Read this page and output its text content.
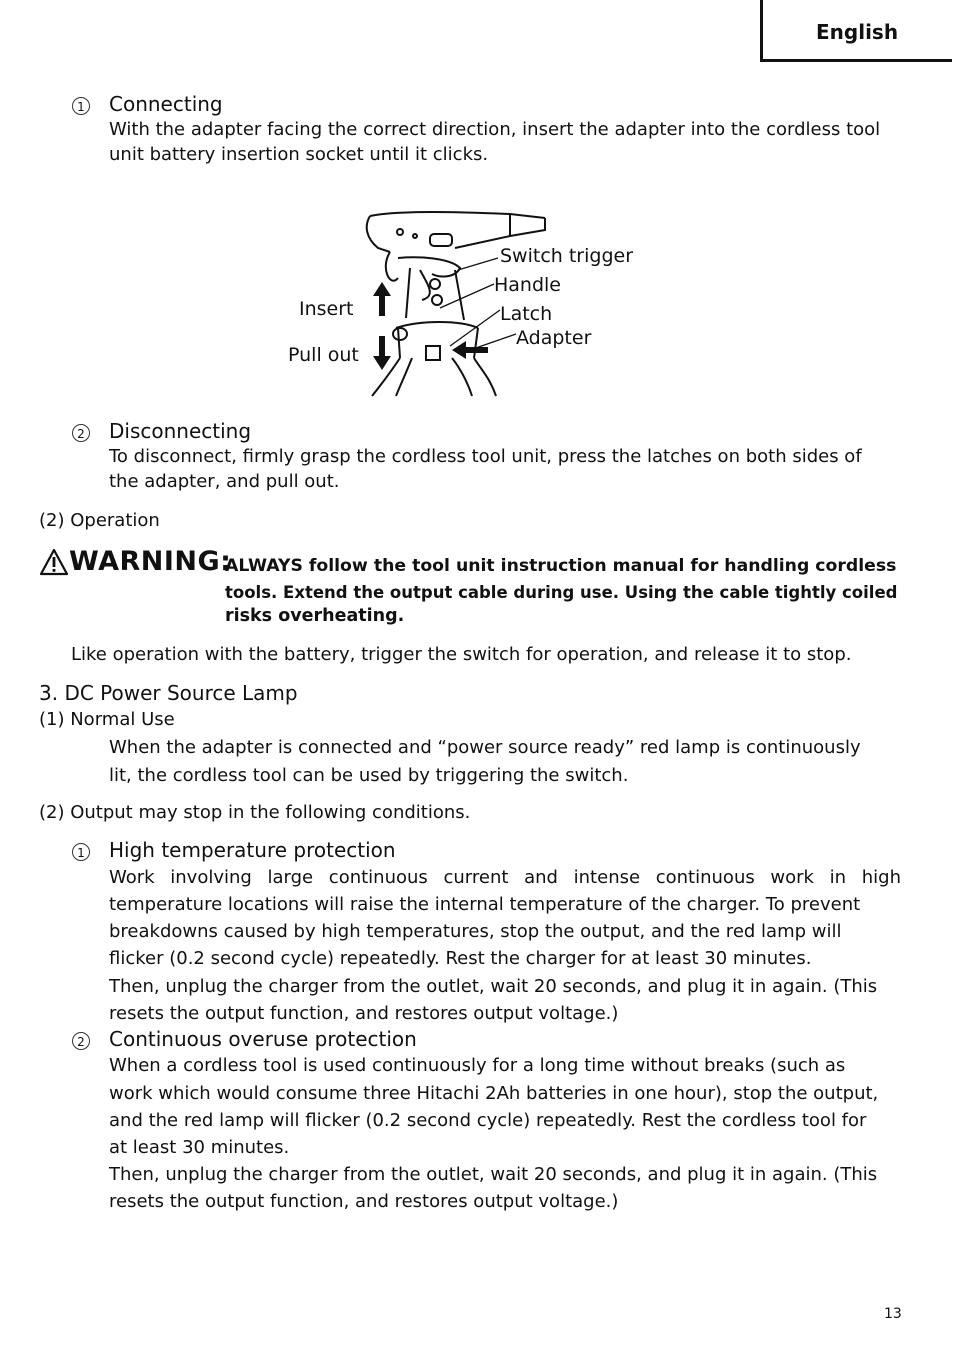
English
1 Connecting
With the adapter facing the correct direction, insert the adapter into the cordless tool
unit battery insertion socket until it clicks.
Switch trigger
Handle
Insert	Latch
Adapter
Pull out
2 Disconnecting
To disconnect, firmly grasp the cordless tool unit, press the latches on both sides of
the adapter, and pull out.
(2) Operation
WARNING:
ALWAYS follow the tool unit instruction manual for handling cordless
tools. Extend the output cable during use. Using the cable tightly coiled
risks overheating.
Like operation with the battery, trigger the switch for operation, and release it to stop.
3. DC Power Source Lamp
(1) Normal Use
When the adapter is connected and “power source ready” red lamp is continuously
lit, the cordless tool can be used by triggering the switch.
(2) Output may stop in the following conditions.
1 High temperature protection
Work involving large continuous current and intense continuous work in high
temperature locations will raise the internal temperature of the charger. To prevent
breakdowns caused by high temperatures, stop the output, and the red lamp will
flicker (0.2 second cycle) repeatedly. Rest the charger for at least 30 minutes.
Then, unplug the charger from the outlet, wait 20 seconds, and plug it in again. (This
resets the output function, and restores output voltage.)
2 Continuous overuse protection
When a cordless tool is used continuously for a long time without breaks (such as
work which would consume three Hitachi 2Ah batteries in one hour), stop the output,
and the red lamp will flicker (0.2 second cycle) repeatedly. Rest the cordless tool for
at least 30 minutes.
Then, unplug the charger from the outlet, wait 20 seconds, and plug it in again. (This
resets the output function, and restores output voltage.)
13
